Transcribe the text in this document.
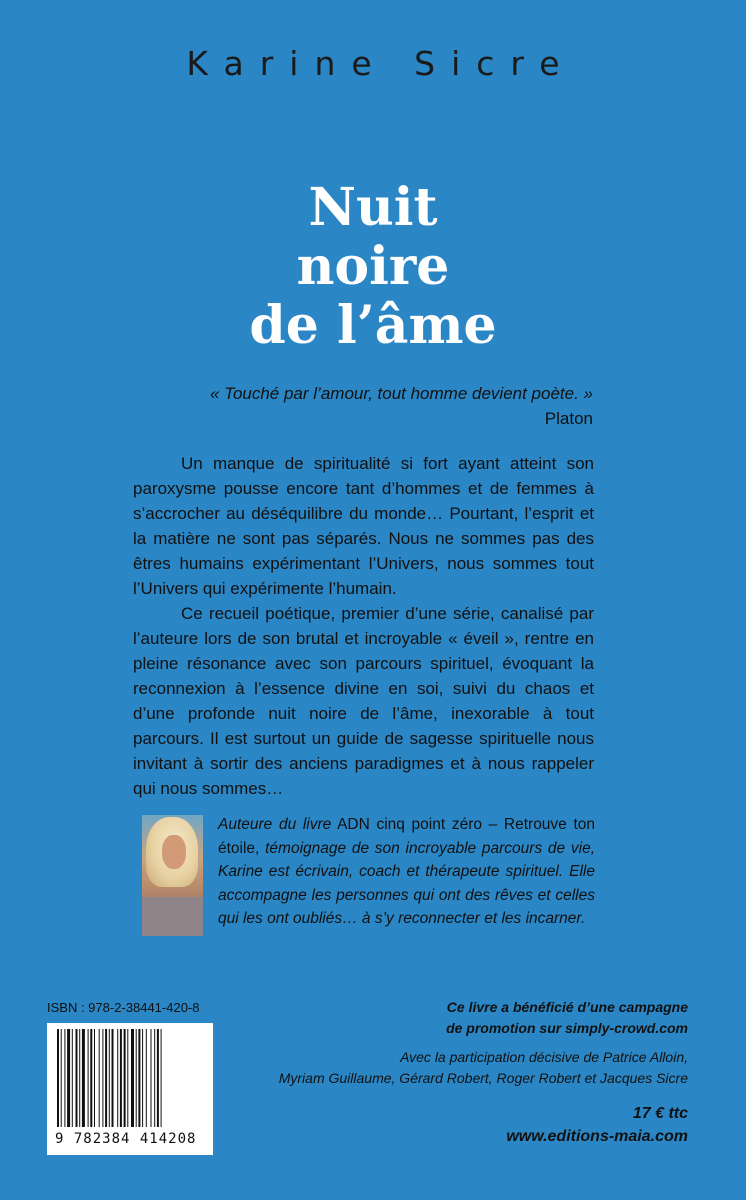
Karine Sicre
Nuit
noire
de l’âme
« Touché par l’amour, tout homme devient poète. »
Platon

Un manque de spiritualité si fort ayant atteint son paroxysme pousse encore tant d’hommes et de femmes à s’accrocher au déséquilibre du monde… Pourtant, l’esprit et la matière ne sont pas séparés. Nous ne sommes pas des êtres humains expérimentant l’Univers, nous sommes tout l’Univers qui expérimente l’humain.

Ce recueil poétique, premier d’une série, canalisé par l’auteure lors de son brutal et incroyable « éveil », rentre en pleine résonance avec son parcours spirituel, évoquant la reconnexion à l’essence divine en soi, suivi du chaos et d’une profonde nuit noire de l’âme, inexorable à tout parcours. Il est surtout un guide de sagesse spirituelle nous invitant à sortir des anciens paradigmes et à nous rappeler qui nous sommes…

Auteure du livre ADN cinq point zéro – Retrouve ton étoile, témoignage de son incroyable parcours de vie, Karine est écrivain, coach et thérapeute spirituel. Elle accompagne les personnes qui ont des rêves et celles qui les ont oubliés… à s’y reconnecter et les incarner.
ISBN : 978-2-38441-420-8
9 782384 414208
Ce livre a bénéficié d’une campagne
de promotion sur simply-crowd.com
Avec la participation décisive de Patrice Alloin,
Myriam Guillaume, Gérard Robert, Roger Robert et Jacques Sicre
17 € ttc
www.editions-maia.com
